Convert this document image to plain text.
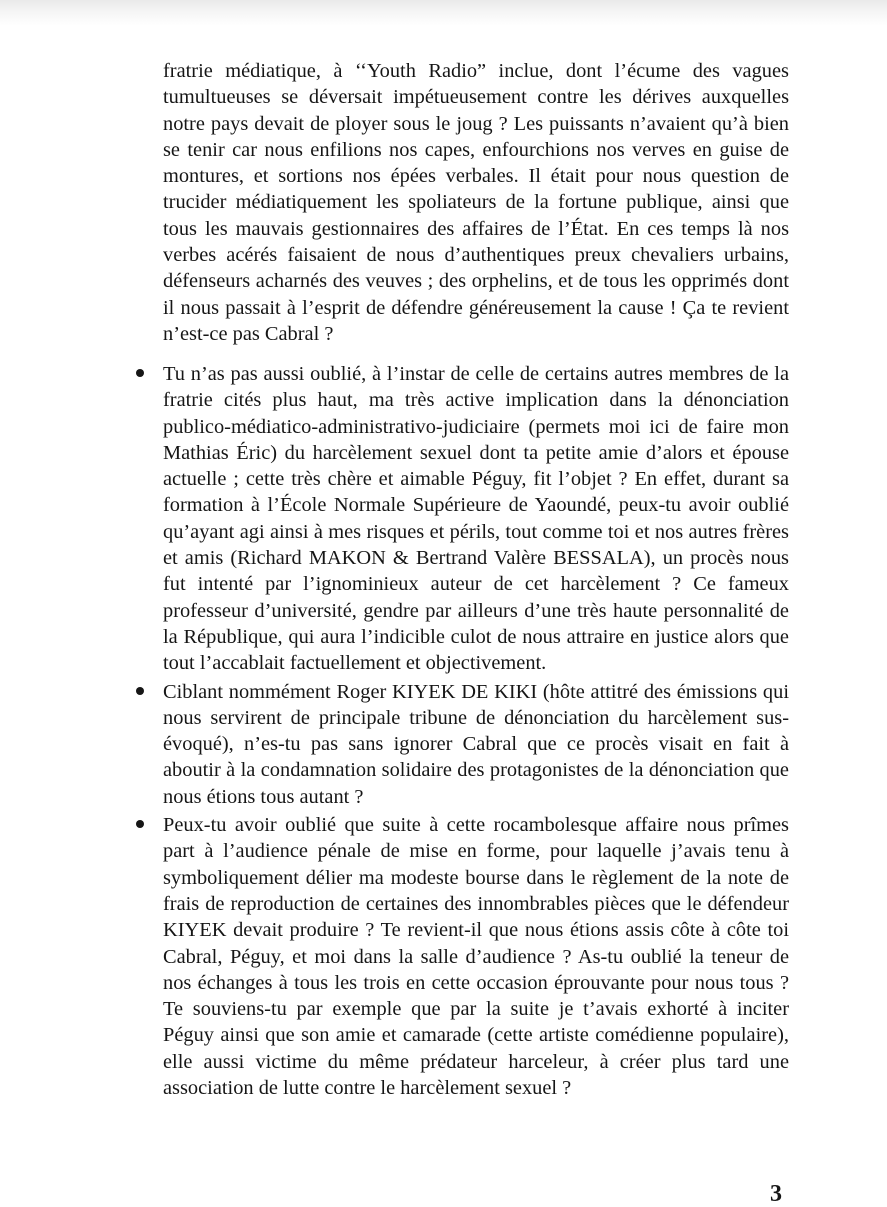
fratrie médiatique, à ‘‘Youth Radio” inclue, dont l’écume des vagues tumultueuses se déversait impétueusement contre les dérives auxquelles notre pays devait de ployer sous le joug ? Les puissants n’avaient qu’à bien se tenir car nous enfilions nos capes, enfourchions nos verves en guise de montures, et sortions nos épées verbales. Il était pour nous question de trucider médiatiquement les spoliateurs de la fortune publique, ainsi que tous les mauvais gestionnaires des affaires de l’État. En ces temps là nos verbes acérés faisaient de nous d’authentiques preux chevaliers urbains, défenseurs acharnés des veuves ; des orphelins, et de tous les opprimés dont il nous passait à l’esprit de défendre généreusement la cause ! Ça te revient n’est-ce pas Cabral ?

Tu n’as pas aussi oublié, à l’instar de celle de certains autres membres de la fratrie cités plus haut, ma très active implication dans la dénonciation publico-médiatico-administrativo-judiciaire (permets moi ici de faire mon Mathias Éric) du harcèlement sexuel dont ta petite amie d’alors et épouse actuelle ; cette très chère et aimable Péguy, fit l’objet ? En effet, durant sa formation à l’École Normale Supérieure de Yaoundé, peux-tu avoir oublié qu’ayant agi ainsi à mes risques et périls, tout comme toi et nos autres frères et amis (Richard MAKON & Bertrand Valère BESSALA), un procès nous fut intenté par l’ignominieux auteur de cet harcèlement ? Ce fameux professeur d’université, gendre par ailleurs d’une très haute personnalité de la République, qui aura l’indicible culot de nous attraire en justice alors que tout l’accablait factuellement et objectivement.
Ciblant nommément Roger KIYEK DE KIKI (hôte attitré des émissions qui nous servirent de principale tribune de dénonciation du harcèlement sus-évoqué), n’es-tu pas sans ignorer Cabral que ce procès visait en fait à aboutir à la condamnation solidaire des protagonistes de la dénonciation que nous étions tous autant ?
Peux-tu avoir oublié que suite à cette rocambolesque affaire nous prîmes part à l’audience pénale de mise en forme, pour laquelle j’avais tenu à symboliquement délier ma modeste bourse dans le règlement de la note de frais de reproduction de certaines des innombrables pièces que le défendeur KIYEK devait produire ? Te revient-il que nous étions assis côte à côte toi Cabral, Péguy, et moi dans la salle d’audience ? As-tu oublié la teneur de nos échanges à tous les trois en cette occasion éprouvante pour nous tous ? Te souviens-tu par exemple que par la suite je t’avais exhorté à inciter Péguy ainsi que son amie et camarade (cette artiste comédienne populaire), elle aussi victime du même prédateur harceleur, à créer plus tard une association de lutte contre le harcèlement sexuel ?
3
